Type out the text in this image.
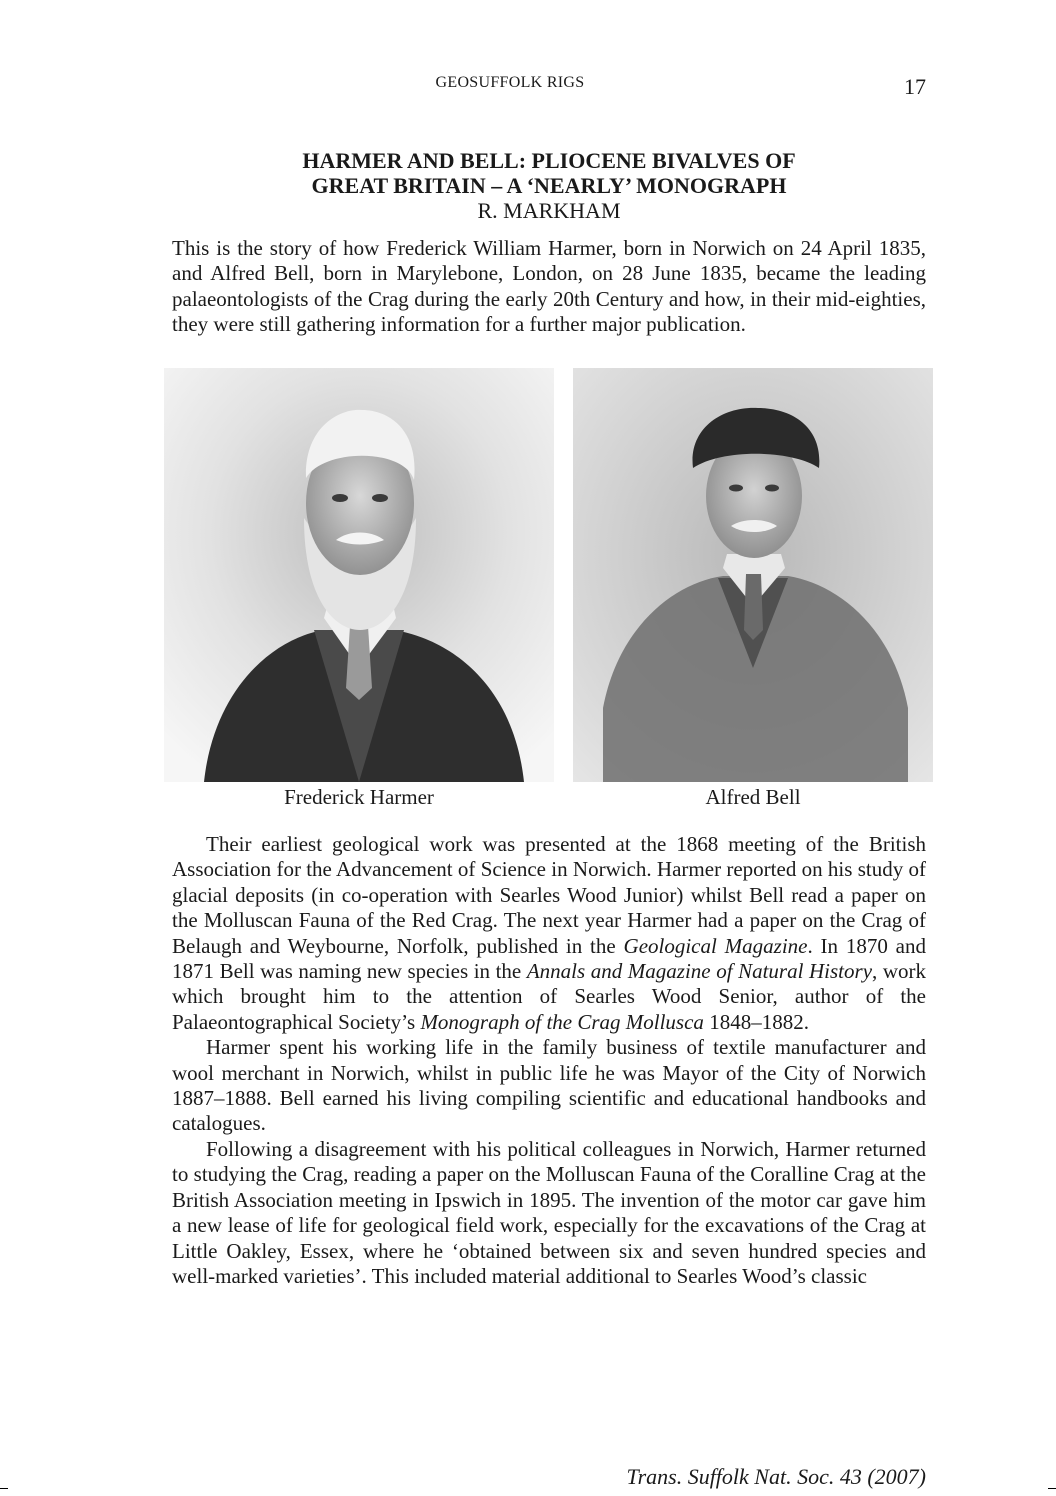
GEOSUFFOLK RIGS	17
HARMER AND BELL: PLIOCENE BIVALVES OF
GREAT BRITAIN – A ‘NEARLY’ MONOGRAPH
R. MARKHAM

This is the story of how Frederick William Harmer, born in Norwich on 24 April 1835, and Alfred Bell, born in Marylebone, London, on 28 June 1835, became the leading palaeontologists of the Crag during the early 20th Century and how, in their mid-eighties, they were still gathering information for a further major publication.

Frederick Harmer	Alfred Bell

Their earliest geological work was presented at the 1868 meeting of the British Association for the Advancement of Science in Norwich. Harmer reported on his study of glacial deposits (in co-operation with Searles Wood Junior) whilst Bell read a paper on the Molluscan Fauna of the Red Crag. The next year Harmer had a paper on the Crag of Belaugh and Weybourne, Norfolk, published in the Geological Magazine. In 1870 and 1871 Bell was naming new species in the Annals and Magazine of Natural History, work which brought him to the attention of Searles Wood Senior, author of the Palaeontographical Society’s Monograph of the Crag Mollusca 1848–1882.

Harmer spent his working life in the family business of textile manufacturer and wool merchant in Norwich, whilst in public life he was Mayor of the City of Norwich 1887–1888. Bell earned his living compiling scientific and educational handbooks and catalogues.

Following a disagreement with his political colleagues in Norwich, Harmer returned to studying the Crag, reading a paper on the Molluscan Fauna of the Coralline Crag at the British Association meeting in Ipswich in 1895. The invention of the motor car gave him a new lease of life for geological field work, especially for the excavations of the Crag at Little Oakley, Essex, where he ‘obtained between six and seven hundred species and well-marked varieties’. This included material additional to Searles Wood’s classic

Trans. Suffolk Nat. Soc. 43 (2007)
